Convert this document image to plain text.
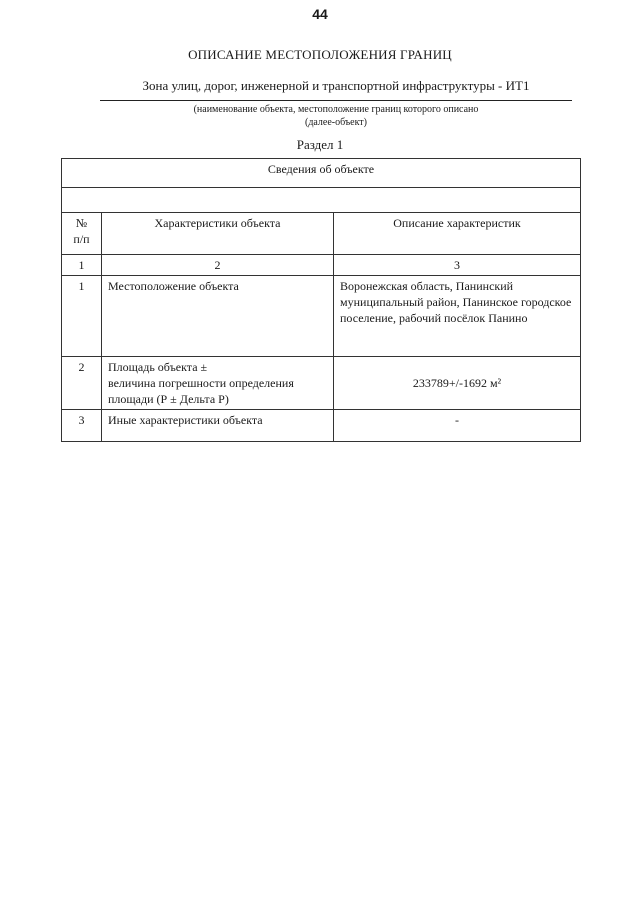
44
ОПИСАНИЕ МЕСТОПОЛОЖЕНИЯ ГРАНИЦ
Зона улиц, дорог, инженерной и транспортной инфраструктуры - ИТ1
(наименование объекта, местоположение границ которого описано
(далее-объект)
Раздел 1
Сведения об объекте		

№
п/п	Характеристики объекта	Описание характеристик
1	2	3
1	Местоположение объекта	Воронежская область, Панинский муниципальный район, Панинское городское поселение, рабочий посёлок Панино
2	Площадь объекта ±
величина погрешности определения
площади (Р ± Дельта Р)	233789+/-1692 м²
3	Иные характеристики объекта	-
